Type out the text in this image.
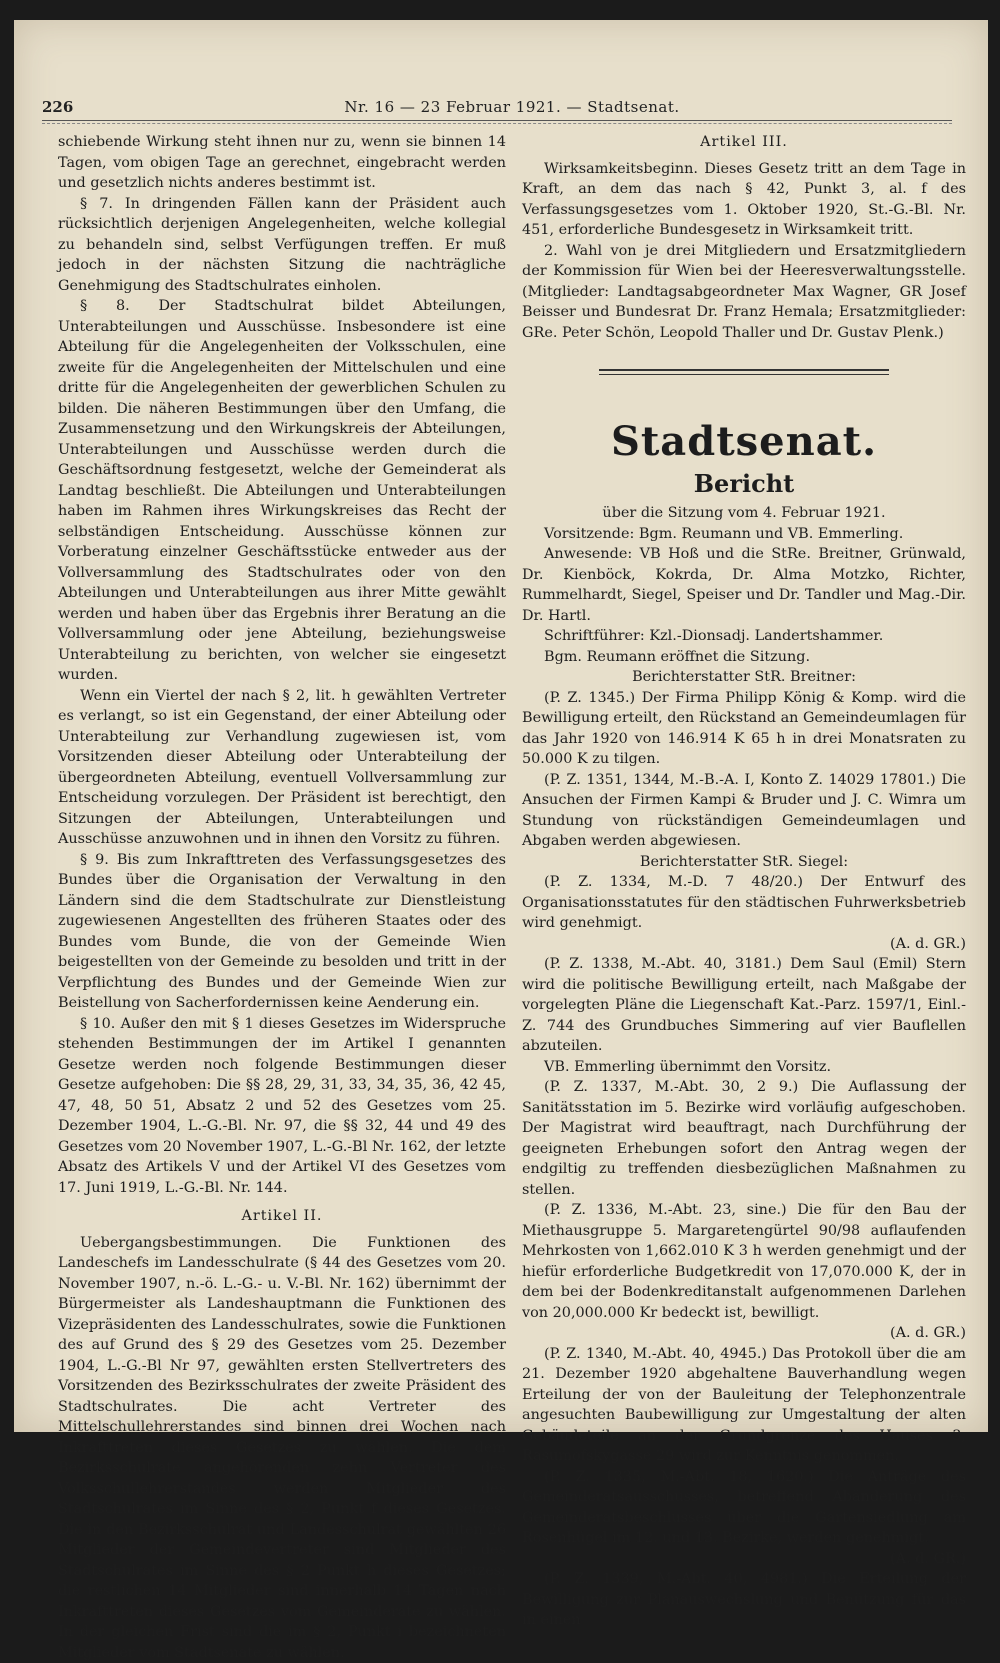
226	Nr. 16 — 23 Februar 1921. — Stadtsenat.

schiebende Wirkung steht ihnen nur zu, wenn sie binnen 14 Tagen, vom obigen Tage an gerechnet, eingebracht werden und gesetzlich nichts anderes bestimmt ist.

§ 7. In dringenden Fällen kann der Präsident auch rücksichtlich derjenigen Angelegenheiten, welche kollegial zu behandeln sind, selbst Verfügungen treffen. Er muß jedoch in der nächsten Sitzung die nachträgliche Genehmigung des Stadtschulrates einholen.

§ 8. Der Stadtschulrat bildet Abteilungen, Unterabteilungen und Ausschüsse. Insbesondere ist eine Abteilung für die Angelegenheiten der Volksschulen, eine zweite für die Angelegenheiten der Mittelschulen und eine dritte für die Angelegenheiten der gewerblichen Schulen zu bilden. Die näheren Bestimmungen über den Umfang, die Zusammensetzung und den Wirkungskreis der Abteilungen, Unterabteilungen und Ausschüsse werden durch die Geschäftsordnung festgesetzt, welche der Gemeinderat als Landtag beschließt. Die Abteilungen und Unterabteilungen haben im Rahmen ihres Wirkungskreises das Recht der selbständigen Entscheidung. Ausschüsse können zur Vorberatung einzelner Geschäftsstücke entweder aus der Vollversammlung des Stadtschulrates oder von den Abteilungen und Unterabteilungen aus ihrer Mitte gewählt werden und haben über das Ergebnis ihrer Beratung an die Vollversammlung oder jene Abteilung, beziehungsweise Unterabteilung zu berichten, von welcher sie eingesetzt wurden.

Wenn ein Viertel der nach § 2, lit. h gewählten Vertreter es verlangt, so ist ein Gegenstand, der einer Abteilung oder Unterabteilung zur Verhandlung zugewiesen ist, vom Vorsitzenden dieser Abteilung oder Unterabteilung der übergeordneten Abteilung, eventuell Vollversammlung zur Entscheidung vorzulegen. Der Präsident ist berechtigt, den Sitzungen der Abteilungen, Unterabteilungen und Ausschüsse anzuwohnen und in ihnen den Vorsitz zu führen.

§ 9. Bis zum Inkrafttreten des Verfassungsgesetzes des Bundes über die Organisation der Verwaltung in den Ländern sind die dem Stadtschulrate zur Dienstleistung zugewiesenen Angestellten des früheren Staates oder des Bundes vom Bunde, die von der Gemeinde Wien beigestellten von der Gemeinde zu besolden und tritt in der Verpflichtung des Bundes und der Gemeinde Wien zur Beistellung von Sacherfordernissen keine Aenderung ein.

§ 10. Außer den mit § 1 dieses Gesetzes im Widerspruche stehenden Bestimmungen der im Artikel I genannten Gesetze werden noch folgende Bestimmungen dieser Gesetze aufgehoben: Die §§ 28, 29, 31, 33, 34, 35, 36, 42 45, 47, 48, 50 51, Absatz 2 und 52 des Gesetzes vom 25. Dezember 1904, L.-G.-Bl. Nr. 97, die §§ 32, 44 und 49 des Gesetzes vom 20 November 1907, L.-G.-Bl Nr. 162, der letzte Absatz des Artikels V und der Artikel VI des Gesetzes vom 17. Juni 1919, L.-G.-Bl. Nr. 144.

Artikel II.

Uebergangsbestimmungen. Die Funktionen des Landeschefs im Landesschulrate (§ 44 des Gesetzes vom 20. November 1907, n.-ö. L.-G.- u. V.-Bl. Nr. 162) übernimmt der Bürgermeister als Landeshauptmann die Funktionen des Vizepräsidenten des Landesschulrates, sowie die Funktionen des auf Grund des § 29 des Gesetzes vom 25. Dezember 1904, L.-G.-Bl Nr 97, gewählten ersten Stellvertreters des Vorsitzenden des Bezirksschulrates der zweite Präsident des Stadtschulrates. Die acht Vertreter des Mittelschullehrerstandes sind binnen drei Wochen nach Inkrafttreten dieses Gesetzes zu wählen. Die dem Bezirksschulrate angehörenden zehn Vertreter des Volksschullehrerstandes werden Mitglieder des Stadtschulrates im Sinne des § 2, Punkt f dieses Gesetzes. Die in den Bezirksschulrat und Landesschulrat gewählten 26 Mitglieder der Gemeindevertreter sind Mitglieder des Stadtschulrates im Sinne des § 2 Punkt h dieses Gesetzes; die restlichen 14 Mitglieder sind innerhalb 14 Tagen nach Inkrafttreten dieses Gesetzes vom Gemeinderate zu wählen. In der gleichen Frist sind die im § 2, Punkt i bezeichneten Mitglieder vom Stadtsenate zu wählen.

Artikel III.

Wirksamkeitsbeginn. Dieses Gesetz tritt an dem Tage in Kraft, an dem das nach § 42, Punkt 3, al. f des Verfassungsgesetzes vom 1. Oktober 1920, St.-G.-Bl. Nr. 451, erforderliche Bundesgesetz in Wirksamkeit tritt.

2. Wahl von je drei Mitgliedern und Ersatzmitgliedern der Kommission für Wien bei der Heeresverwaltungsstelle. (Mitglieder: Landtagsabgeordneter Max Wagner, GR Josef Beisser und Bundesrat Dr. Franz Hemala; Ersatzmitglieder: GRe. Peter Schön, Leopold Thaller und Dr. Gustav Plenk.)

Stadtsenat.
Bericht

über die Sitzung vom 4. Februar 1921.

Vorsitzende: Bgm. Reumann und VB. Emmerling.

Anwesende: VB Hoß und die StRe. Breitner, Grünwald, Dr. Kienböck, Kokrda, Dr. Alma Motzko, Richter, Rummelhardt, Siegel, Speiser und Dr. Tandler und Mag.-Dir. Dr. Hartl.

Schriftführer: Kzl.-Dionsadj. Landertshammer.

Bgm. Reumann eröffnet die Sitzung.

Berichterstatter StR. Breitner:

(P. Z. 1345.) Der Firma Philipp König & Komp. wird die Bewilligung erteilt, den Rückstand an Gemeindeumlagen für das Jahr 1920 von 146.914 K 65 h in drei Monatsraten zu 50.000 K zu tilgen.

(P. Z. 1351, 1344, M.-B.-A. I, Konto Z. 14029 17801.) Die Ansuchen der Firmen Kampi & Bruder und J. C. Wimra um Stundung von rückständigen Gemeindeumlagen und Abgaben werden abgewiesen.

Berichterstatter StR. Siegel:

(P. Z. 1334, M.-D. 7 48/20.) Der Entwurf des Organisationsstatutes für den städtischen Fuhrwerksbetrieb wird genehmigt.

(A. d. GR.)

(P. Z. 1338, M.-Abt. 40, 3181.) Dem Saul (Emil) Stern wird die politische Bewilligung erteilt, nach Maßgabe der vorgelegten Pläne die Liegenschaft Kat.-Parz. 1597/1, Einl.-Z. 744 des Grundbuches Simmering auf vier Bauflellen abzuteilen.

VB. Emmerling übernimmt den Vorsitz.

(P. Z. 1337, M.-Abt. 30, 2 9.) Die Auflassung der Sanitätsstation im 5. Bezirke wird vorläufig aufgeschoben. Der Magistrat wird beauftragt, nach Durchführung der geeigneten Erhebungen sofort den Antrag wegen der endgiltig zu treffenden diesbezüglichen Maßnahmen zu stellen.

(P. Z. 1336, M.-Abt. 23, sine.) Die für den Bau der Miethausgruppe 5. Margaretengürtel 90/98 auflaufenden Mehrkosten von 1,662.010 K 3 h werden genehmigt und der hiefür erforderliche Budgetkredit von 17,070.000 K, der in dem bei der Bodenkreditanstalt aufgenommenen Darlehen von 20,000.000 Kr bedeckt ist, bewilligt.

(A. d. GR.)

(P. Z. 1340, M.-Abt. 40, 4945.) Das Protokoll über die am 21. Dezember 1920 abgehaltene Bauverhandlung wegen Erteilung der von der Bauleitung der Telephonzentrale angesuchten Baubewilligung zur Umgestaltung der alten Gebäudeteile an der Grundgrenze des Hauses 3, Rasumofskygasse 29 wird zur Kenntnis genommen.

(P. Z. 1335, M.-Abt. 18, 1620.) Die Anträge des Gemeinderatsausschusses, betreffend Abänderung des Gemeinderatsbeschlusses über die Gartensiedlung am Rosenhügel im 12. und 13. Bezirke, werden genehmigt.

(A. d. GR.)

(P. Z. 1339, M.-Abt. 40, 4981.) Die Erteilung der Bewilligung zur Planauswechslung und Benützung für das in einen
